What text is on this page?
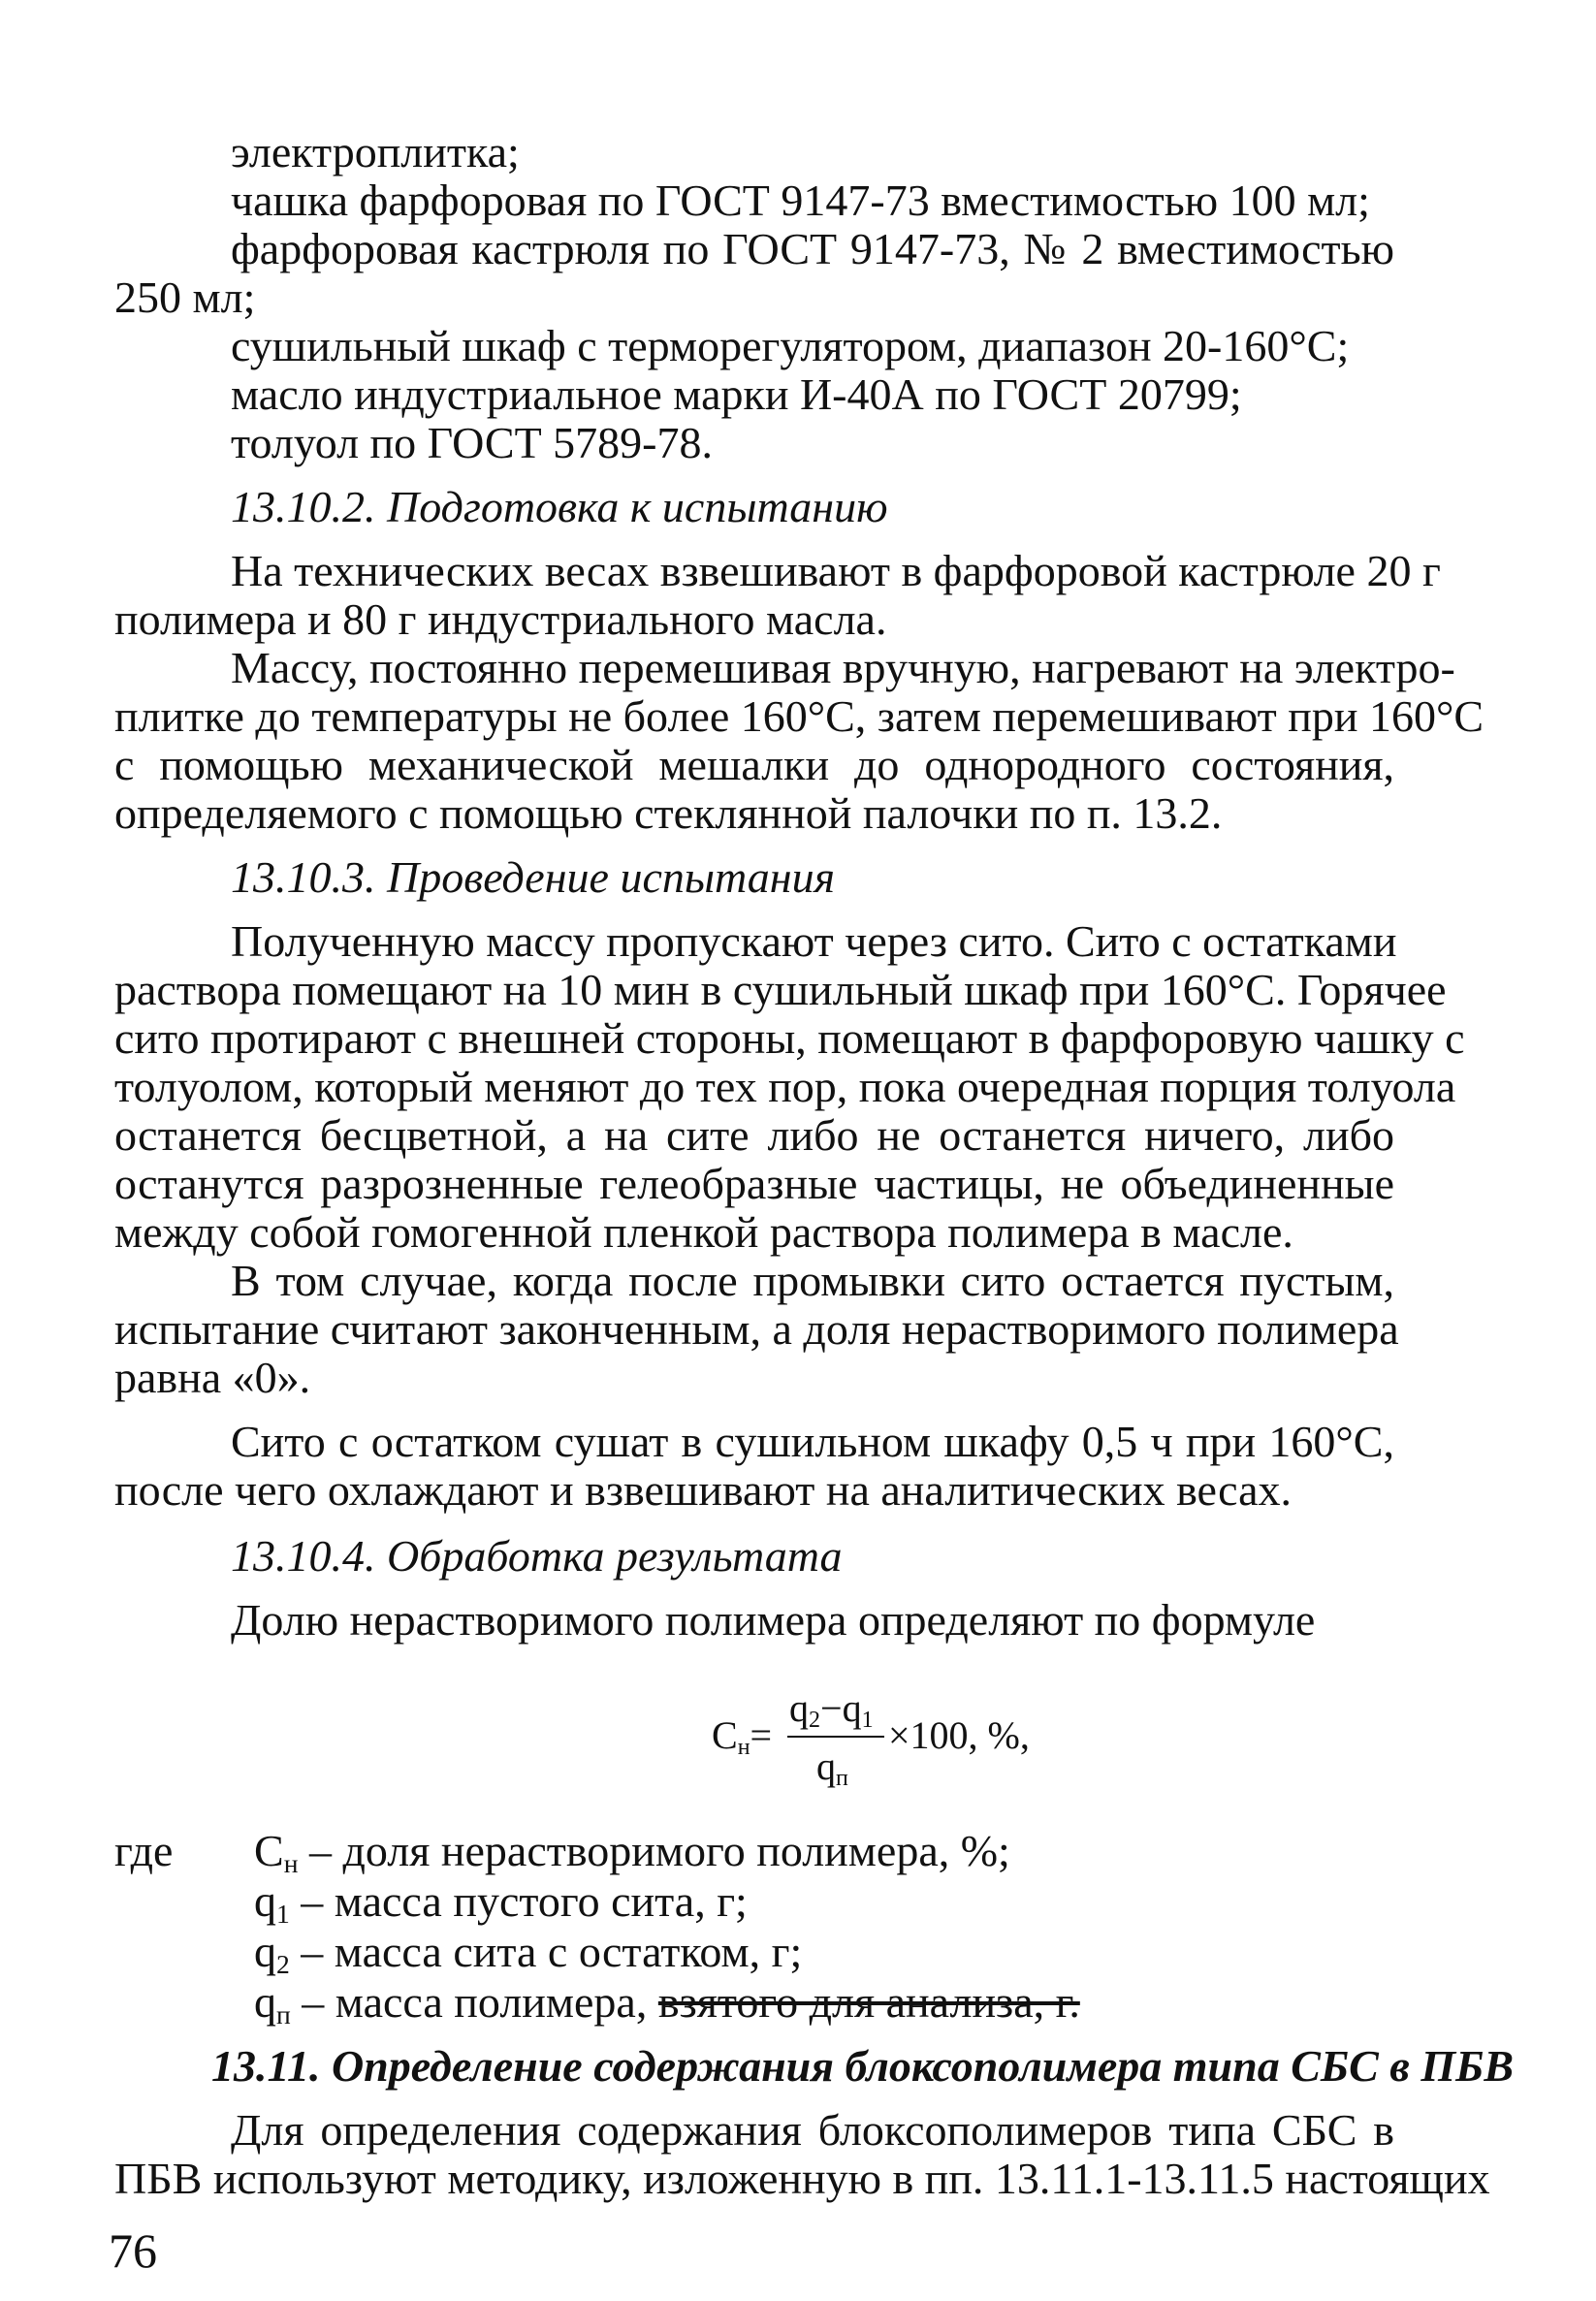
электроплитка;
чашка фарфоровая по ГОСТ 9147-73 вместимостью 100 мл;
фарфоровая кастрюля по ГОСТ 9147-73, № 2 вместимостью
250 мл;
сушильный шкаф с терморегулятором, диапазон 20-160°С;
масло индустриальное марки И-40А по ГОСТ 20799;
толуол по ГОСТ 5789-78.
13.10.2. Подготовка к испытанию
На технических весах взвешивают в фарфоровой кастрюле 20 г
полимера и 80 г индустриального масла.
Массу, постоянно перемешивая вручную, нагревают на электро-
плитке до температуры не более 160°С, затем перемешивают при 160°С
с помощью механической мешалки до однородного состояния,
определяемого с помощью стеклянной палочки по п. 13.2.
13.10.3. Проведение испытания
Полученную массу пропускают через сито. Сито с остатками
раствора помещают на 10 мин в сушильный шкаф при 160°С. Горячее
сито протирают с внешней стороны, помещают в фарфоровую чашку с
толуолом, который меняют до тех пор, пока очередная порция толуола
останется бесцветной, а на сите либо не останется ничего, либо
останутся разрозненные гелеобразные частицы, не объединенные
между собой гомогенной пленкой раствора полимера в масле.
В том случае, когда после промывки сито остается пустым,
испытание считают законченным, а доля нерастворимого полимера
равна «0».
Сито с остатком сушат в сушильном шкафу 0,5 ч при 160°С,
после чего охлаждают и взвешивают на аналитических весах.
13.10.4. Обработка результата
Долю нерастворимого полимера определяют по формуле
$С_н=$
$q_2-q_1$
$q_п$
×100, %,
где $С_н$ – доля нерастворимого полимера, %;
$q_1$ – масса пустого сита, г;
$q_2$ – масса сита с остатком, г;
$q_п$ – масса полимера, взятого для анализа, г.
13.11. Определение содержания блоксополимера типа СБС в ПБВ
Для определения содержания блоксополимеров типа СБС в
ПБВ используют методику, изложенную в пп. 13.11.1-13.11.5 настоящих
76
